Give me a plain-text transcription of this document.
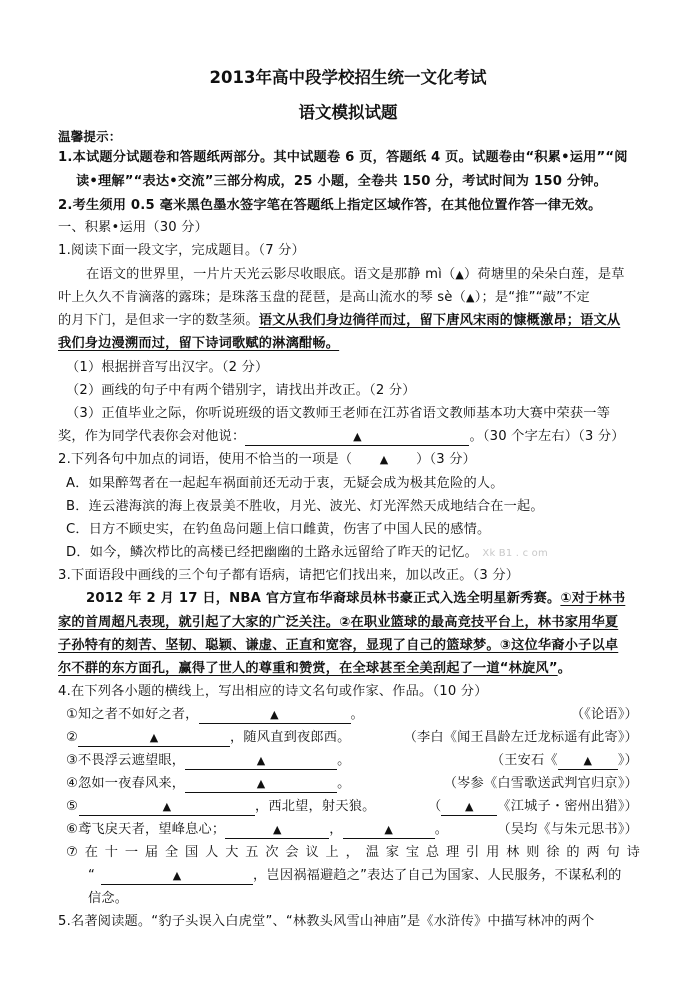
2013年高中段学校招生统一文化考试
语文模拟试题
温馨提示：
1.本试题分试题卷和答题纸两部分。其中试题卷 6 页，答题纸 4 页。试题卷由“积累•运用”“阅
读•理解”“表达•交流”三部分构成，25 小题，全卷共 150 分，考试时间为 150 分钟。
2.考生须用 0.5 毫米黑色墨水签字笔在答题纸上指定区域作答，在其他位置作答一律无效。
一、积累•运用（30 分）
1.阅读下面一段文字，完成题目。（7 分）
在语文的世界里，一片片天光云影尽收眼底。语文是那静 mì（▲）荷塘里的朵朵白莲，是草
叶上久久不肯滴落的露珠；是珠落玉盘的琵琶，是高山流水的琴 sè（▲）；是“推”“敲”不定
的月下门，是但求一字的数茎须。语文从我们身边徜徉而过，留下唐风宋雨的慷概激昂；语文从
我们身边漫溯而过，留下诗词歌赋的淋漓酣畅。
（1）根据拼音写出汉字。（2 分）
（2）画线的句子中有两个错别字，请找出并改正。（2 分）
（3）正值毕业之际，你听说班级的语文教师王老师在江苏省语文教师基本功大赛中荣获一等
奖，作为同学代表你会对他说：	▲	。（30 个字左右）（3 分）
2.下列各句中加点的词语，使用不恰当的一项是（	▲ ）（3 分）
A．如果醉驾者在一起起车祸面前还无动于衷，无疑会成为极其危险的人。
B．连云港海滨的海上夜景美不胜收，月光、波光、灯光浑然天成地结合在一起。
C．日方不顾史实，在钓鱼岛问题上信口雌黄，伤害了中国人民的感情。
D．如今，鳞次栉比的高楼已经把幽幽的土路永远留给了昨天的记忆。 Xk B1 . c om
3.下面语段中画线的三个句子都有语病，请把它们找出来，加以改正。（3 分）
2012 年 2 月 17 日，NBA 官方宣布华裔球员林书豪正式入选全明星新秀赛。①对于林书
家的首周超凡表现，就引起了大家的广泛关注。②在职业篮球的最高竞技平台上，林书家用华夏
子孙特有的刻苦、坚韧、聪颖、谦虚、正直和宽容，显现了自己的篮球梦。③这位华裔小子以卓
尔不群的东方面孔，赢得了世人的尊重和赞赏，在全球甚至全美刮起了一道“林旋风”。
4.在下列各小题的横线上，写出相应的诗文名句或作家、作品。（10 分）
①知之者不如好之者，	▲	。	（《论语》）
②	▲	，随风直到夜郎西。	（李白《闻王昌龄左迁龙标遥有此寄》）
③不畏浮云遮望眼，	▲	。	（王安石《 ▲ 》）
④忽如一夜春风来，	▲	。	（岑参《白雪歌送武判官归京》）
⑤	▲	，西北望，射天狼。	（ ▲ 《江城子・密州出猎》）
⑥鸢飞戾天者，望峰息心；	▲	，	▲	。	（吴均《与朱元思书》）
⑦在十一届全国人大五次会议上，温家宝总理引用林则徐的两句诗
“	▲	，岂因祸福避趋之”表达了自己为国家、人民服务，不谋私利的
信念。
5.名著阅读题。“豹子头误入白虎堂”、“林教头风雪山神庙”是《水浒传》中描写林冲的两个
